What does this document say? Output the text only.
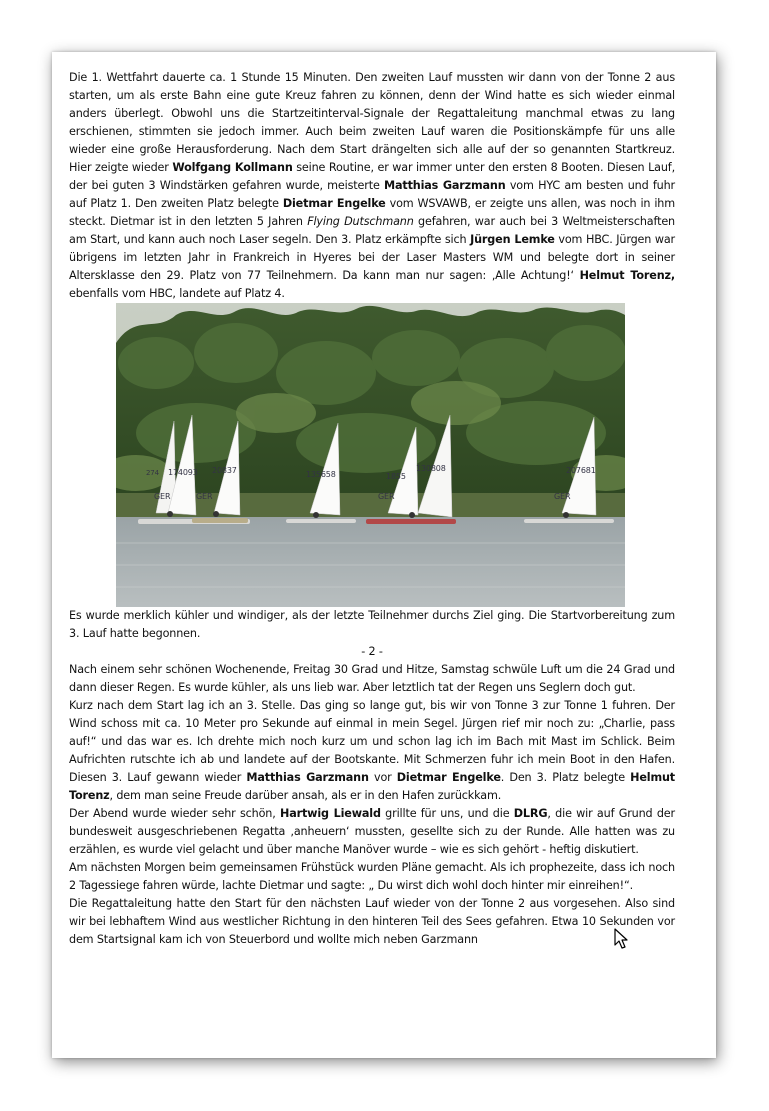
Die 1. Wettfahrt dauerte ca. 1 Stunde 15 Minuten. Den zweiten Lauf mussten wir dann von der Tonne 2 aus starten, um als erste Bahn eine gute Kreuz fahren zu können, denn der Wind hatte es sich wieder einmal anders überlegt. Obwohl uns die Startzeitinterval-Signale der Regattaleitung manchmal etwas zu lang erschienen, stimmten sie jedoch immer. Auch beim zweiten Lauf waren die Positionskämpfe für uns alle wieder eine große Herausforderung. Nach dem Start drängelten sich alle auf der so genannten Startkreuz. Hier zeigte wieder Wolfgang Kollmann seine Routine, er war immer unter den ersten 8 Booten. Diesen Lauf, der bei guten 3 Windstärken gefahren wurde, meisterte Matthias Garzmann vom HYC am besten und fuhr auf Platz 1. Den zweiten Platz belegte Dietmar Engelke vom WSVAWB, er zeigte uns allen, was noch in ihm steckt. Dietmar ist in den letzten 5 Jahren Flying Dutschmann gefahren, war auch bei 3 Weltmeisterschaften am Start, und kann auch noch Laser segeln. Den 3. Platz erkämpfte sich Jürgen Lemke vom HBC. Jürgen war übrigens im letzten Jahr in Frankreich in Hyeres bei der Laser Masters WM und belegte dort in seiner Altersklasse den 29. Platz von 77 Teilnehmern. Da kann man nur sagen: ‚Alle Achtung!‘ Helmut Torenz, ebenfalls vom HBC, landete auf Platz 4.

174093
274
GER
20837
GER
135658	1855
130808
GER
207681
GER

Es wurde merklich kühler und windiger, als der letzte Teilnehmer durchs Ziel ging. Die Startvorbereitung zum 3. Lauf hatte begonnen.

- 2 -

Nach einem sehr schönen Wochenende, Freitag 30 Grad und Hitze, Samstag schwüle Luft um die 24 Grad und dann dieser Regen. Es wurde kühler, als uns lieb war. Aber letztlich tat der Regen uns Seglern doch gut.

Kurz nach dem Start lag ich an 3. Stelle. Das ging so lange gut, bis wir von Tonne 3 zur Tonne 1 fuhren. Der Wind schoss mit ca. 10 Meter pro Sekunde auf einmal in mein Segel. Jürgen rief mir noch zu: „Charlie, pass auf!“ und das war es. Ich drehte mich noch kurz um und schon lag ich im Bach mit Mast im Schlick. Beim Aufrichten rutschte ich ab und landete auf der Bootskante. Mit Schmerzen fuhr ich mein Boot in den Hafen. Diesen 3. Lauf gewann wieder Matthias Garzmann vor Dietmar Engelke. Den 3. Platz belegte Helmut Torenz, dem man seine Freude darüber ansah, als er in den Hafen zurückkam.

Der Abend wurde wieder sehr schön, Hartwig Liewald grillte für uns, und die DLRG, die wir auf Grund der bundesweit ausgeschriebenen Regatta ‚anheuern‘ mussten, gesellte sich zu der Runde. Alle hatten was zu erzählen, es wurde viel gelacht und über manche Manöver wurde – wie es sich gehört - heftig diskutiert.

Am nächsten Morgen beim gemeinsamen Frühstück wurden Pläne gemacht. Als ich prophezeite, dass ich noch 2 Tagessiege fahren würde, lachte Dietmar und sagte: „ Du wirst dich wohl doch hinter mir einreihen!“.

Die Regattaleitung hatte den Start für den nächsten Lauf wieder von der Tonne 2 aus vorgesehen. Also sind wir bei lebhaftem Wind aus westlicher Richtung in den hinteren Teil des Sees gefahren. Etwa 10 Sekunden vor dem Startsignal kam ich von Steuerbord und wollte mich neben Garzmann
